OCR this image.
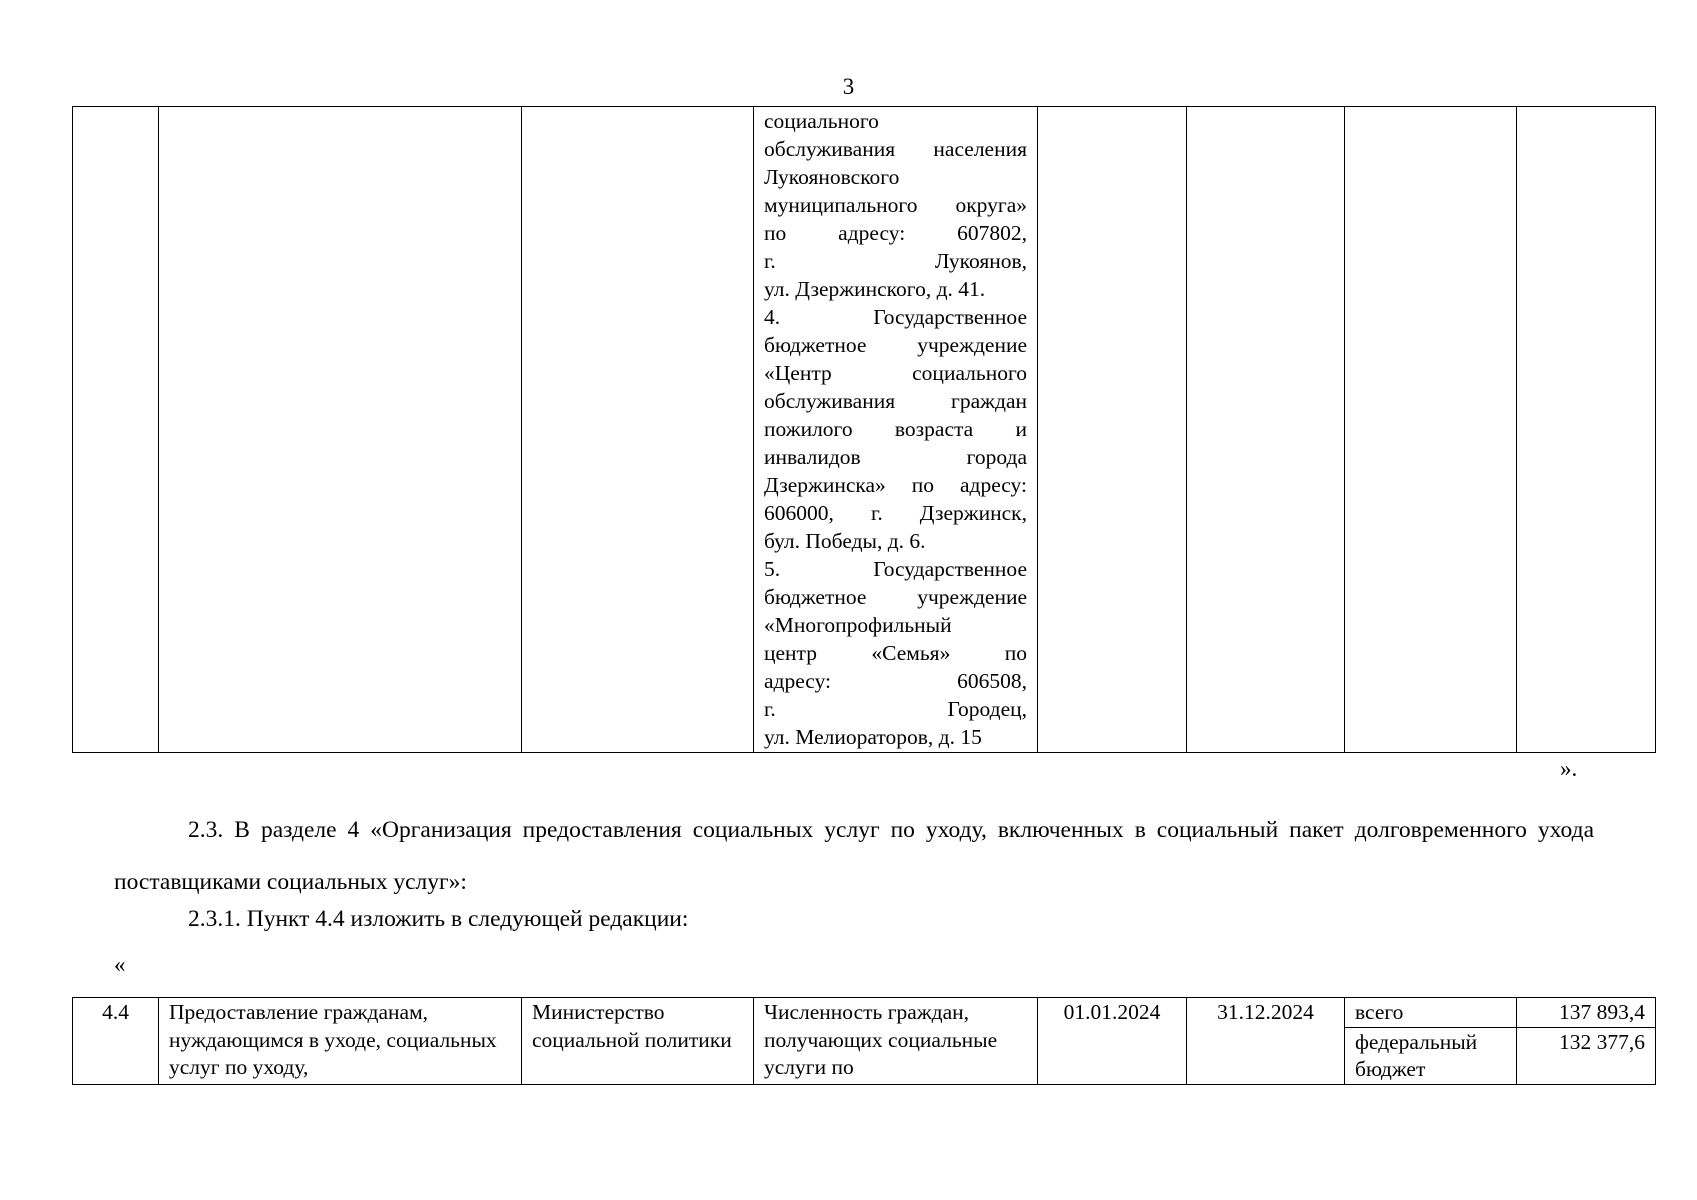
3

социального
обслуживания населения
Лукояновского
муниципального округа»
по адресу: 607802,
г. Лукоянов,
ул. Дзержинского, д. 41.
4. Государственное
бюджетное учреждение
«Центр социального
обслуживания граждан
пожилого возраста и
инвалидов города
Дзержинска» по адресу:
606000, г. Дзержинск,
бул. Победы, д. 6.
5. Государственное
бюджетное учреждение
«Многопрофильный
центр «Семья» по
адресу: 606508,
г. Городец,
ул. Мелиораторов, д. 15

».

2.3. В разделе 4 «Организация предоставления социальных услуг по уходу, включенных в социальный пакет долговременного ухода поставщиками социальных услуг»:

2.3.1. Пункт 4.4 изложить в следующей редакции:

«
4.4	Предоставление гражданам, нуждающимся в уходе, социальных услуг по уходу,	Министерство социальной политики	Численность граждан, получающих социальные услуги по	01.01.2024	31.12.2024	всего	137 893,4
						федеральный бюджет	132 377,6
